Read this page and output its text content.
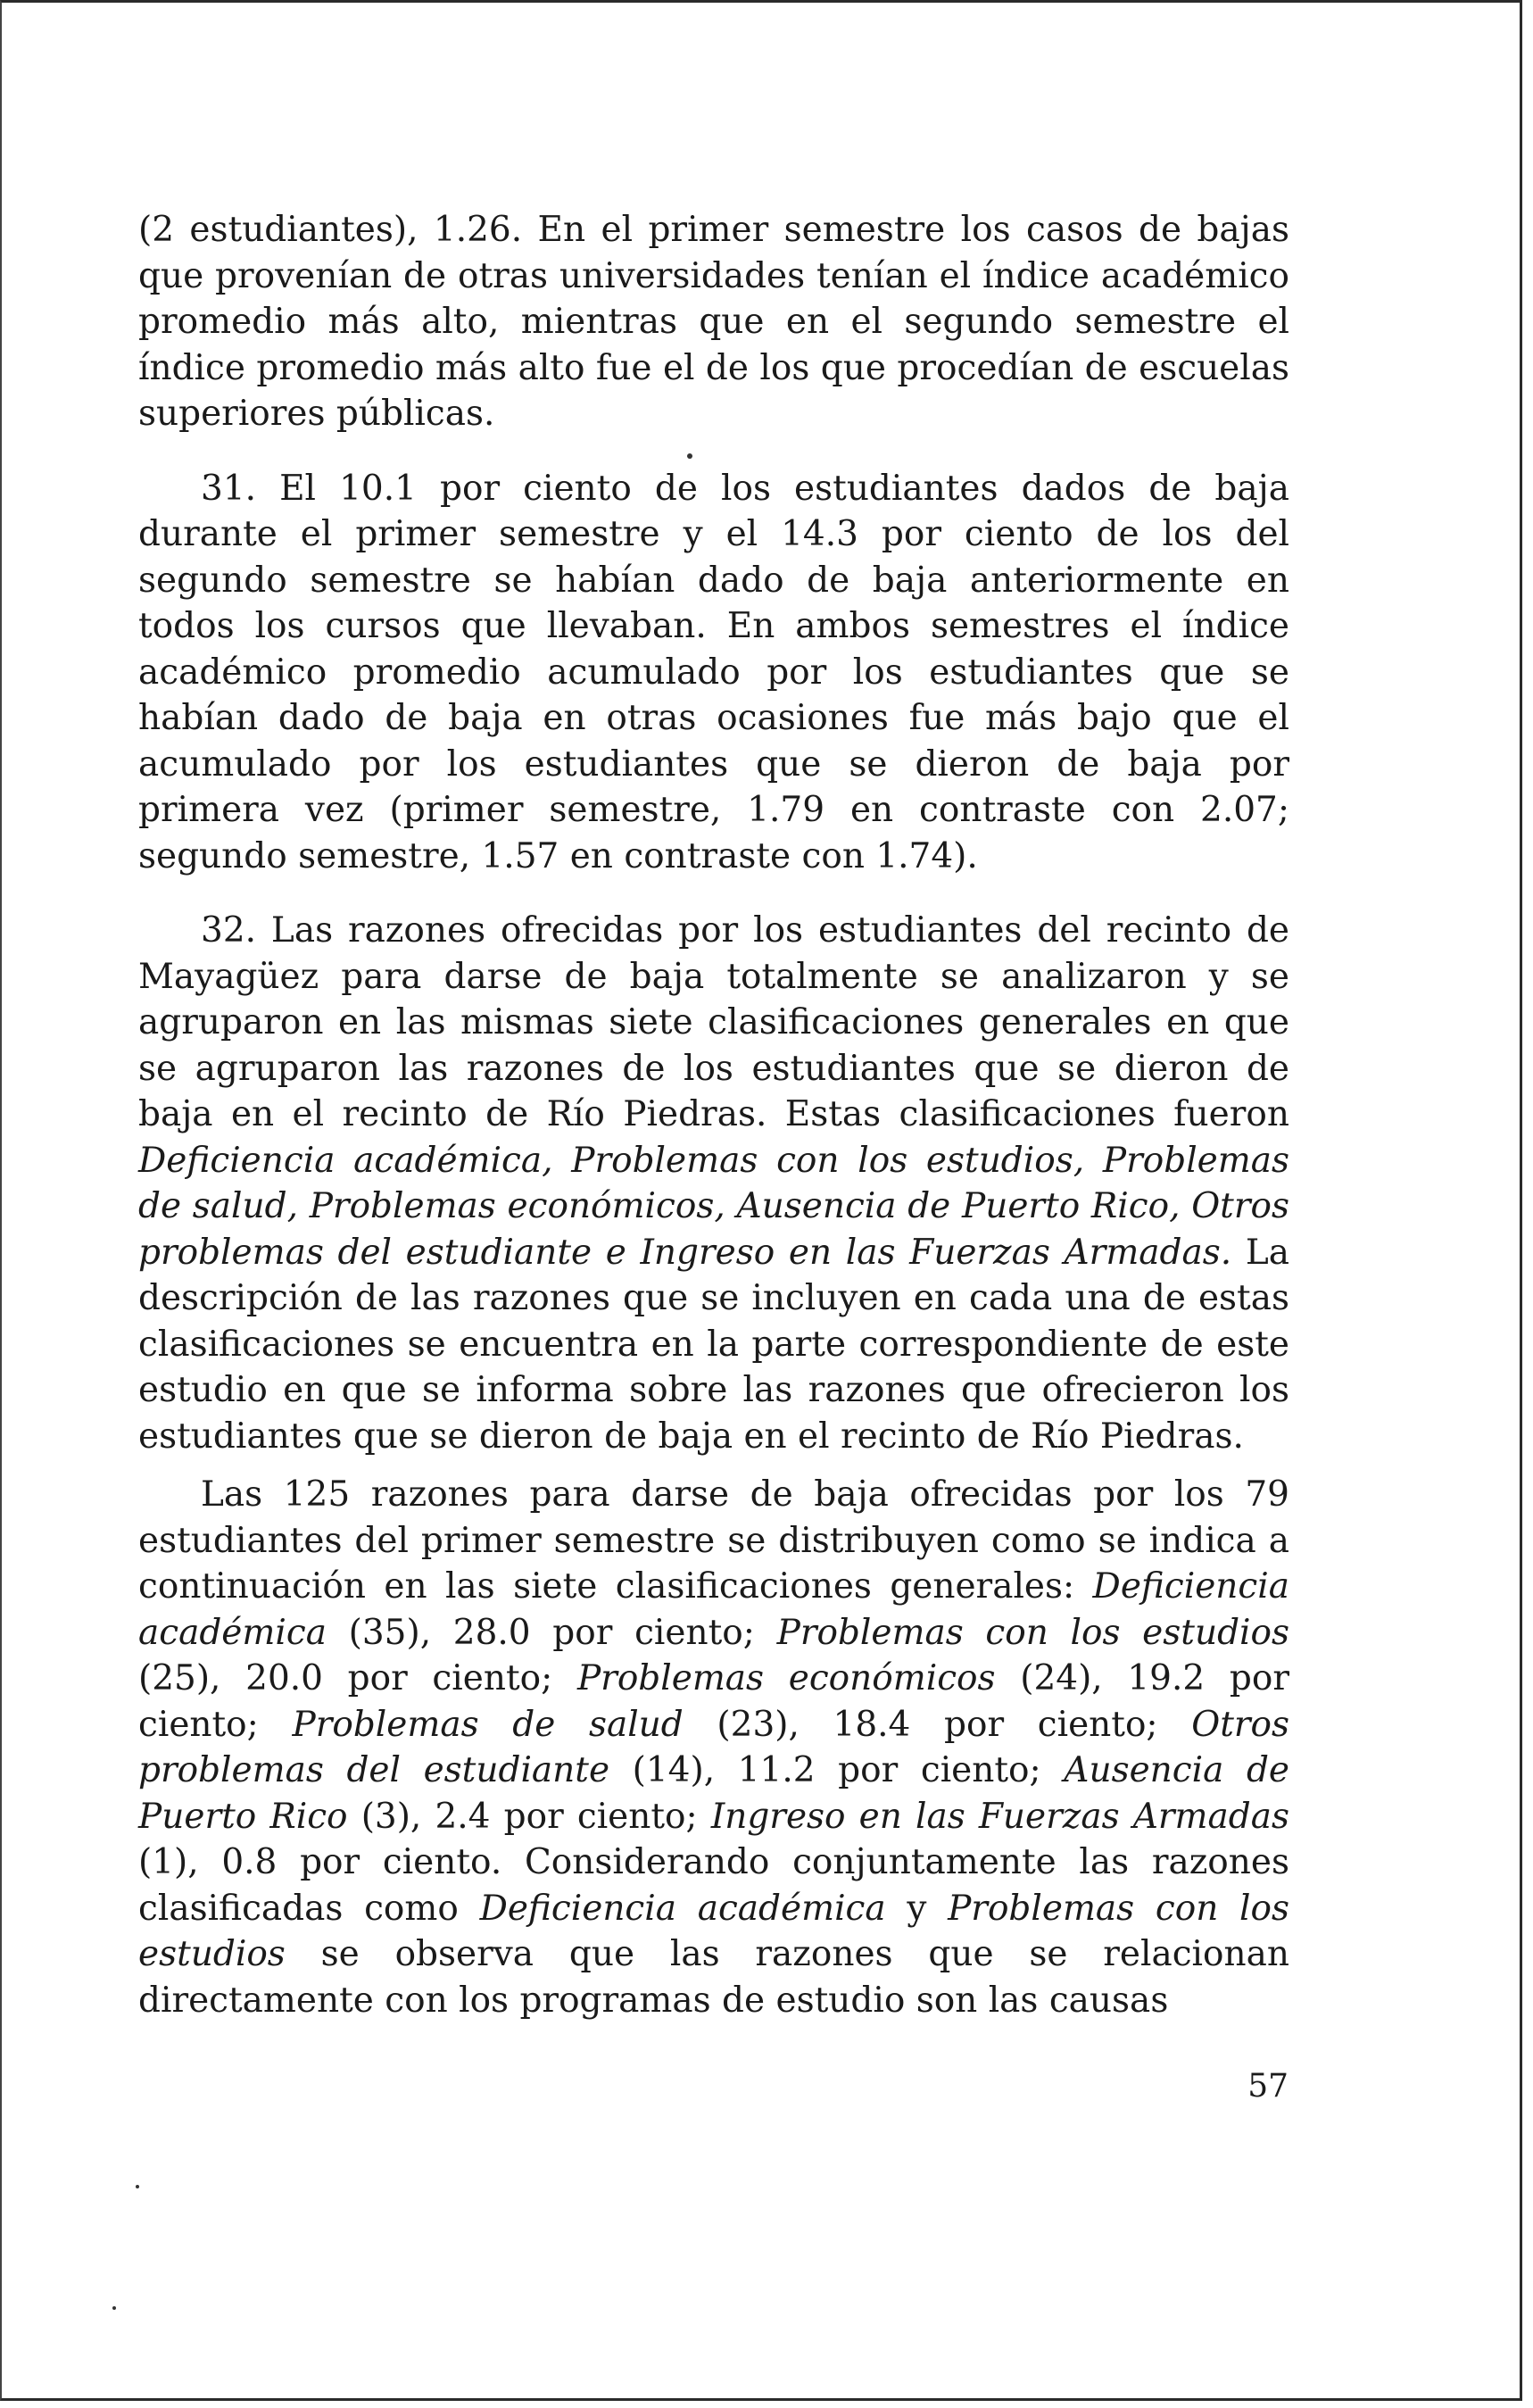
(2 estudiantes), 1.26. En el primer semestre los casos de bajas que provenían de otras universidades tenían el índice académico promedio más alto, mientras que en el segundo semestre el índice promedio más alto fue el de los que procedían de escuelas superiores públicas.

31. El 10.1 por ciento de los estudiantes dados de baja durante el primer semestre y el 14.3 por ciento de los del segundo semestre se habían dado de baja anteriormente en todos los cursos que llevaban. En ambos semestres el índice académico promedio acumulado por los estudiantes que se habían dado de baja en otras ocasiones fue más bajo que el acumulado por los estudiantes que se dieron de baja por primera vez (primer semestre, 1.79 en contraste con 2.07; segundo semestre, 1.57 en contraste con 1.74).

32. Las razones ofrecidas por los estudiantes del recinto de Mayagüez para darse de baja totalmente se analizaron y se agruparon en las mismas siete clasificaciones generales en que se agruparon las razones de los estudiantes que se dieron de baja en el recinto de Río Piedras. Estas clasificaciones fueron Deficiencia académica, Problemas con los estudios, Problemas de salud, Problemas económicos, Ausencia de Puerto Rico, Otros problemas del estudiante e Ingreso en las Fuerzas Armadas. La descripción de las razones que se incluyen en cada una de estas clasificaciones se encuentra en la parte correspondiente de este estudio en que se informa sobre las razones que ofrecieron los estudiantes que se dieron de baja en el recinto de Río Piedras.

Las 125 razones para darse de baja ofrecidas por los 79 estudiantes del primer semestre se distribuyen como se indica a continuación en las siete clasificaciones generales: Deficiencia académica (35), 28.0 por ciento; Problemas con los estudios (25), 20.0 por ciento; Problemas económicos (24), 19.2 por ciento; Problemas de salud (23), 18.4 por ciento; Otros problemas del estudiante (14), 11.2 por ciento; Ausencia de Puerto Rico (3), 2.4 por ciento; Ingreso en las Fuerzas Armadas (1), 0.8 por ciento. Considerando conjuntamente las razones clasificadas como Deficiencia académica y Problemas con los estudios se observa que las razones que se relacionan directamente con los programas de estudio son las causas

57
